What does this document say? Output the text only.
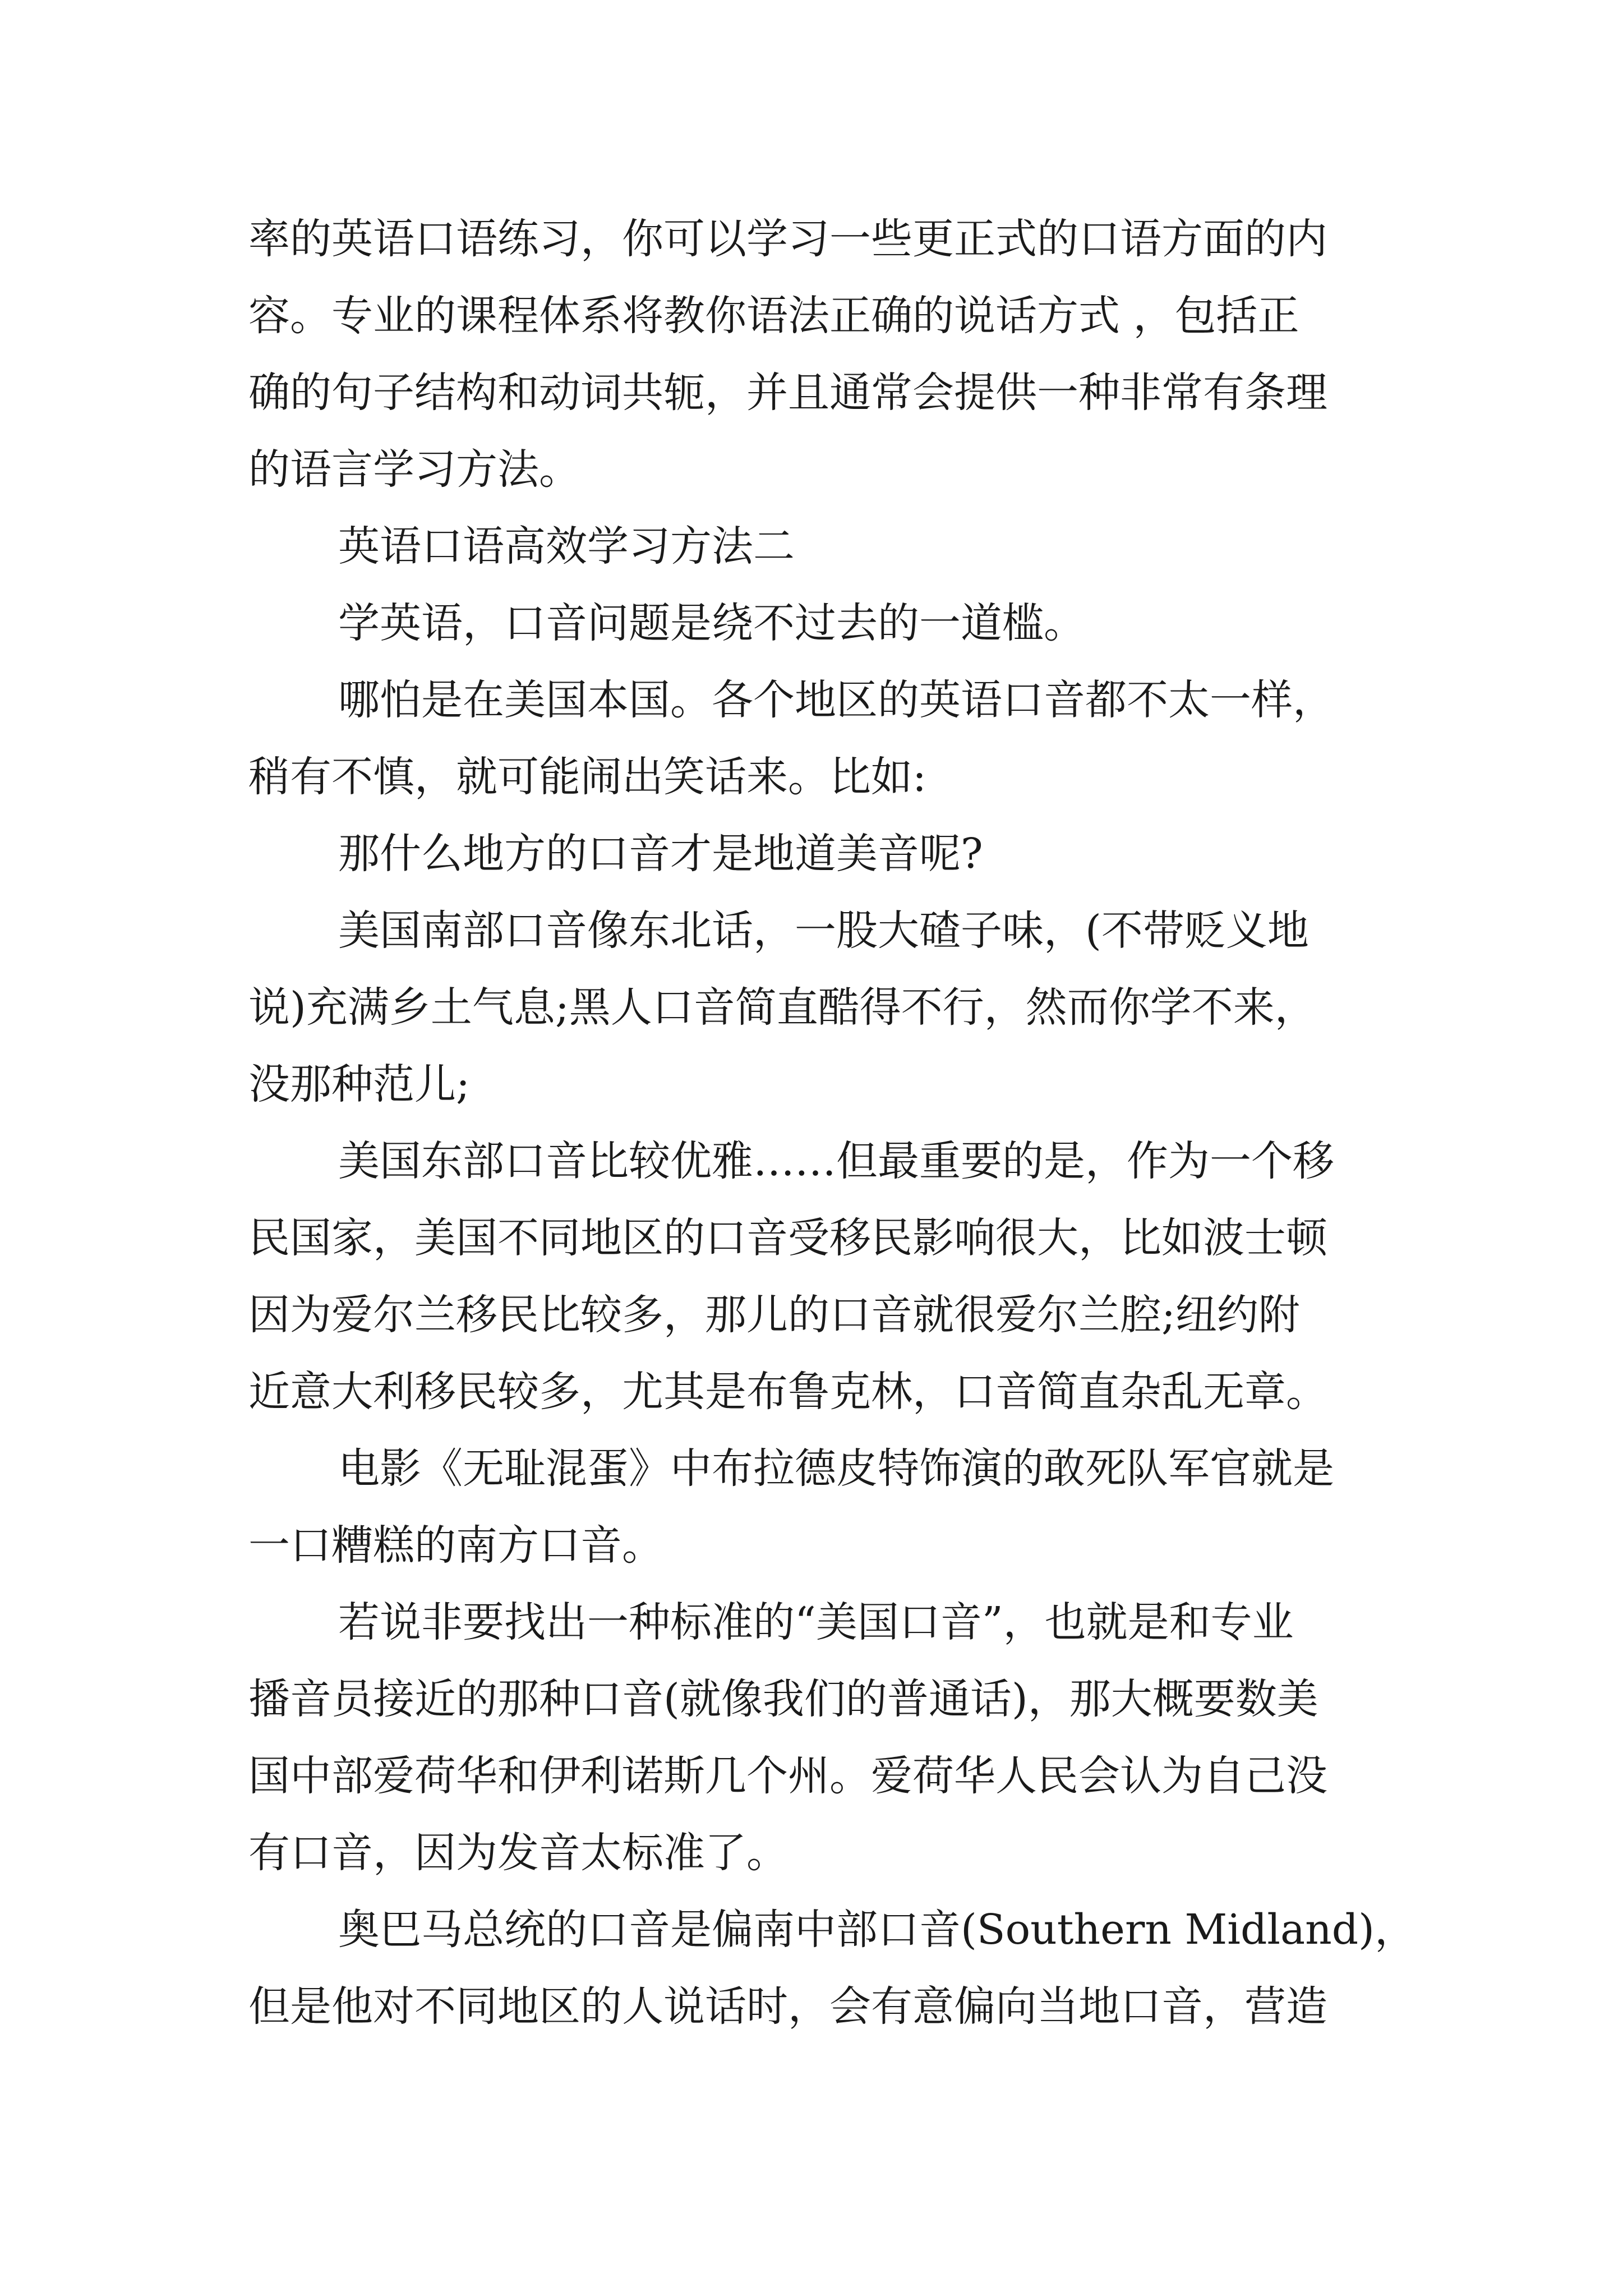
率的英语口语练习，你可以学习一些更正式的口语方面的内

容。专业的课程体系将教你语法正确的说话方式 ，包括正

确的句子结构和动词共轭，并且通常会提供一种非常有条理

的语言学习方法。

英语口语高效学习方法二

学英语，口音问题是绕不过去的一道槛。

哪怕是在美国本国。各个地区的英语口音都不太一样，

稍有不慎，就可能闹出笑话来。比如:

那什么地方的口音才是地道美音呢?

美国南部口音像东北话，一股大碴子味，(不带贬义地

说)充满乡土气息;黑人口音简直酷得不行，然而你学不来，

没那种范儿;

美国东部口音比较优雅……但最重要的是，作为一个移

民国家，美国不同地区的口音受移民影响很大，比如波士顿

因为爱尔兰移民比较多，那儿的口音就很爱尔兰腔;纽约附

近意大利移民较多，尤其是布鲁克林，口音简直杂乱无章。

电影《无耻混蛋》中布拉德皮特饰演的敢死队军官就是

一口糟糕的南方口音。

若说非要找出一种标准的“美国口音”，也就是和专业

播音员接近的那种口音(就像我们的普通话)，那大概要数美

国中部爱荷华和伊利诺斯几个州。爱荷华人民会认为自己没

有口音，因为发音太标准了。

奥巴马总统的口音是偏南中部口音(Southern Midland)，

但是他对不同地区的人说话时，会有意偏向当地口音，营造
